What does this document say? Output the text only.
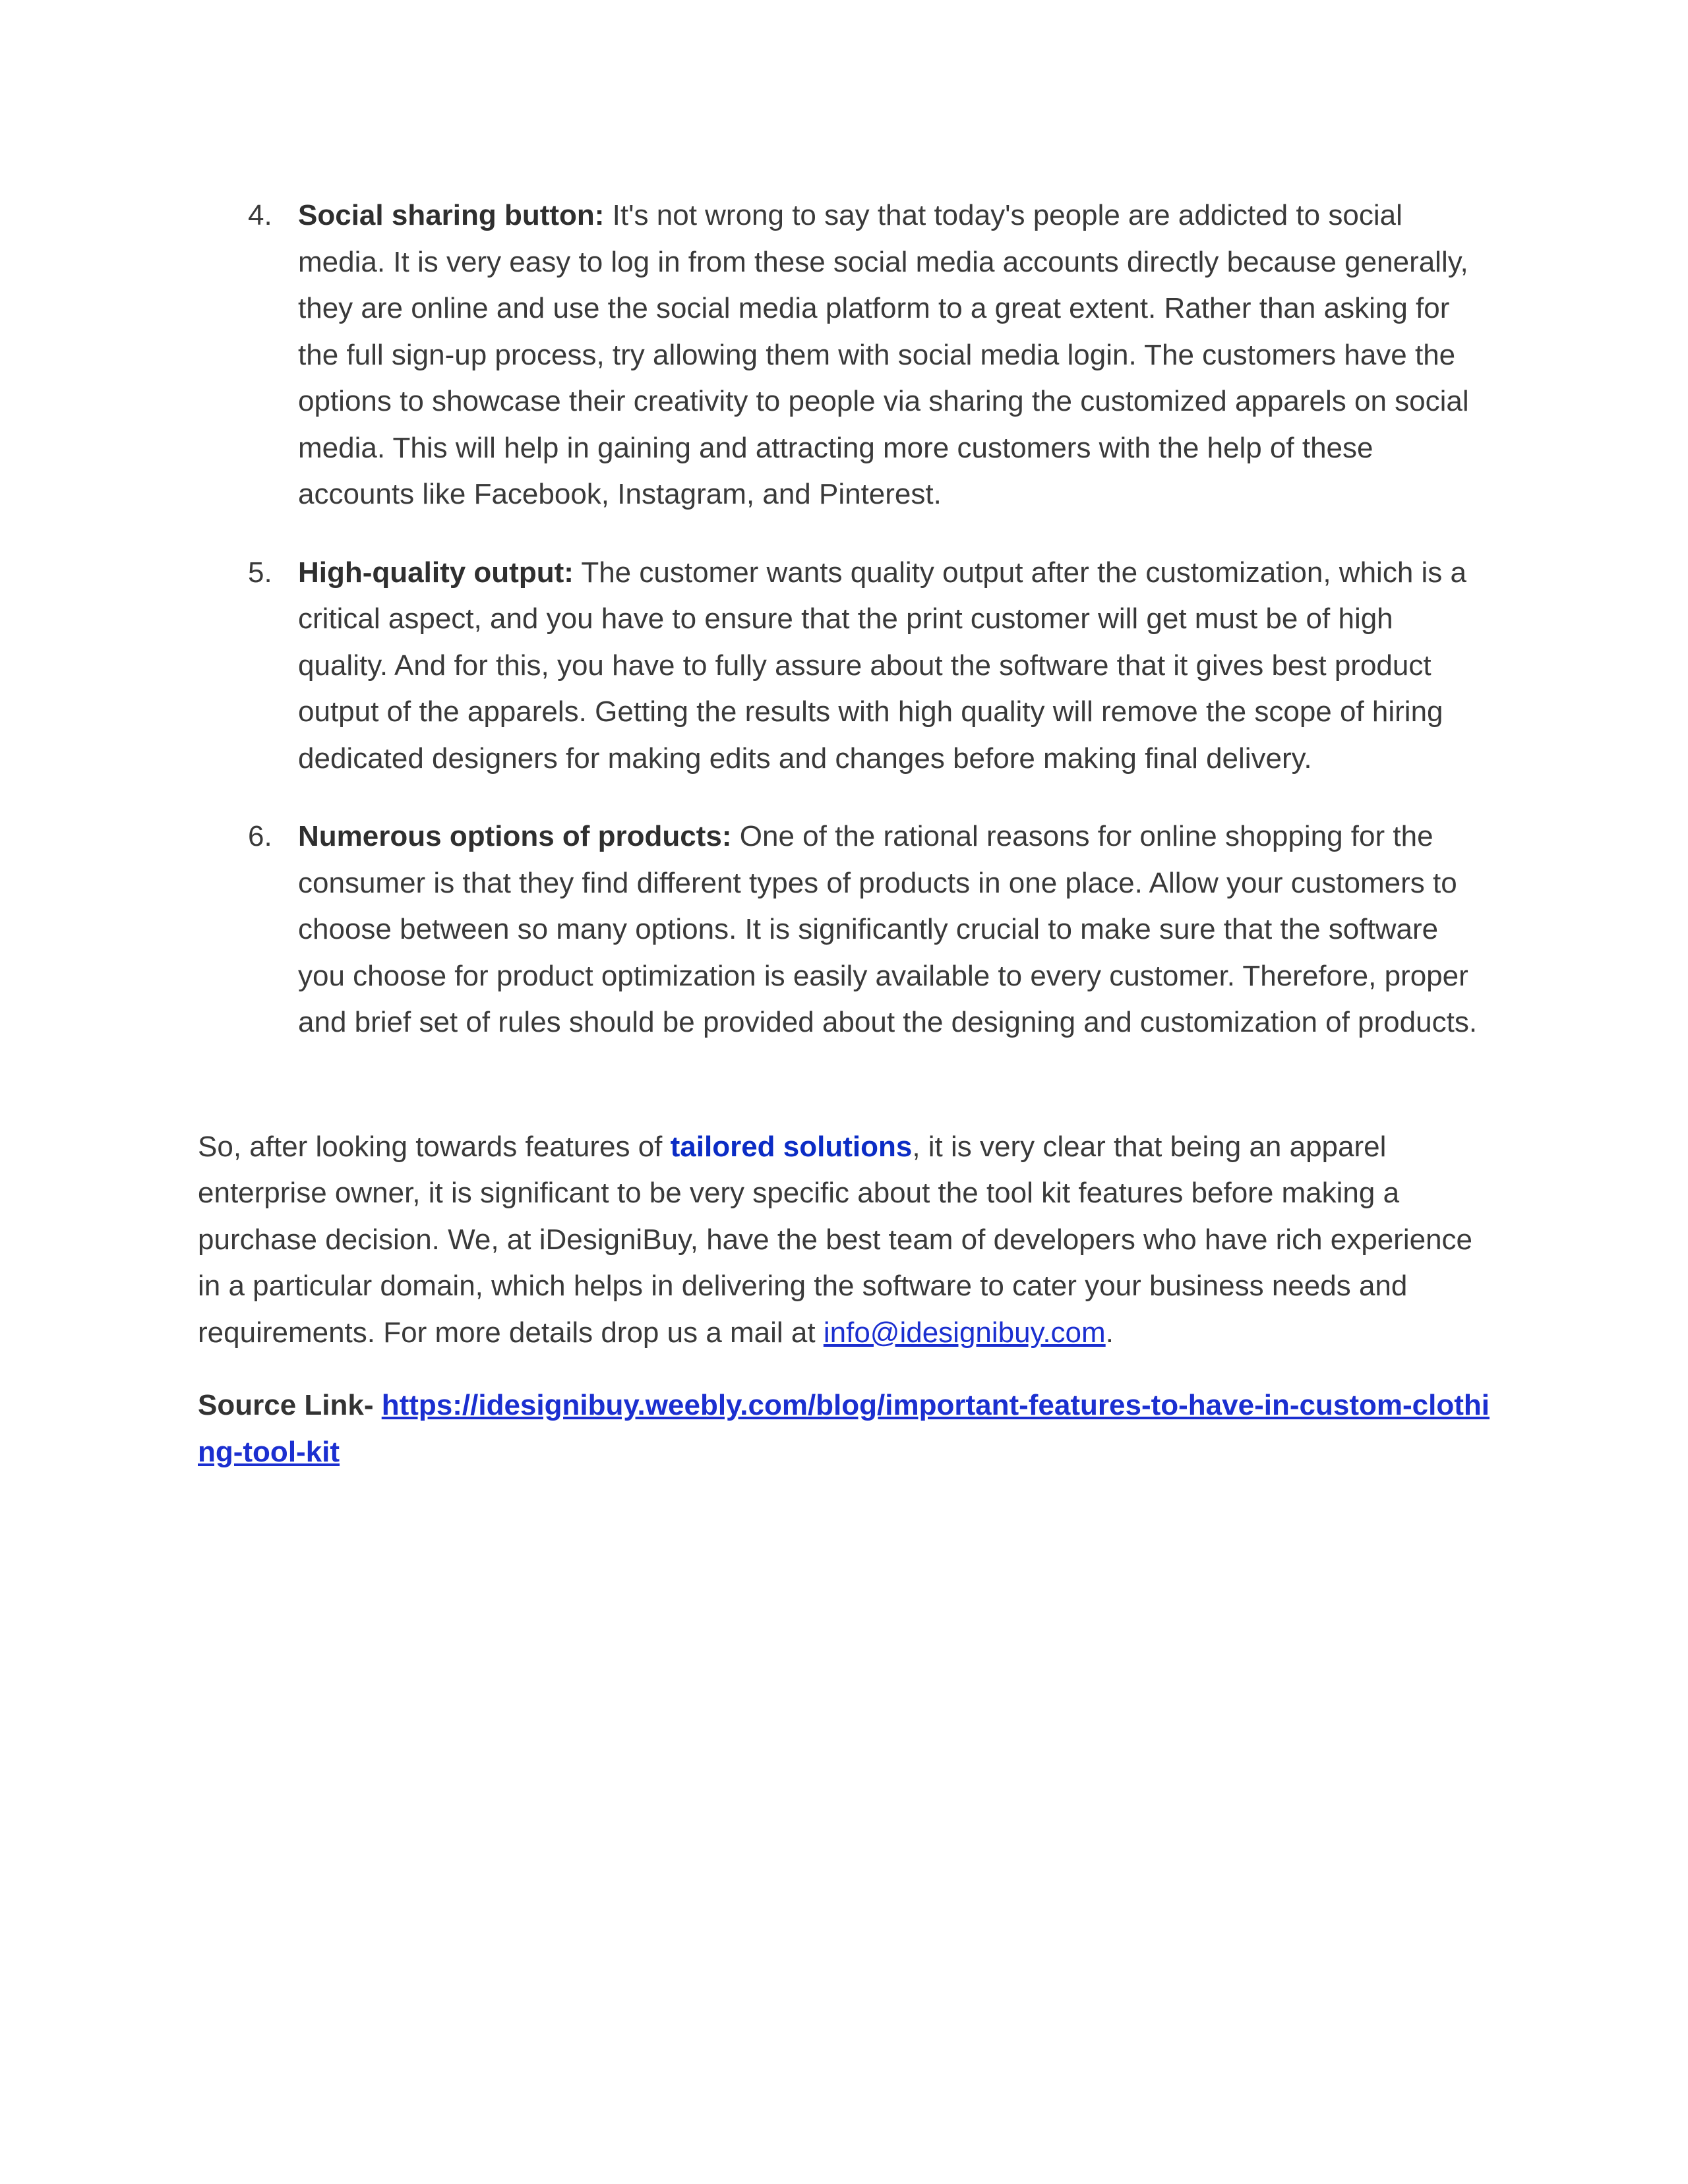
4. Social sharing button: It's not wrong to say that today's people are addicted to social media. It is very easy to log in from these social media accounts directly because generally, they are online and use the social media platform to a great extent. Rather than asking for the full sign-up process, try allowing them with social media login. The customers have the options to showcase their creativity to people via sharing the customized apparels on social media. This will help in gaining and attracting more customers with the help of these accounts like Facebook, Instagram, and Pinterest.
5. High-quality output: The customer wants quality output after the customization, which is a critical aspect, and you have to ensure that the print customer will get must be of high quality. And for this, you have to fully assure about the software that it gives best product output of the apparels. Getting the results with high quality will remove the scope of hiring dedicated designers for making edits and changes before making final delivery.
6. Numerous options of products: One of the rational reasons for online shopping for the consumer is that they find different types of products in one place. Allow your customers to choose between so many options. It is significantly crucial to make sure that the software you choose for product optimization is easily available to every customer. Therefore, proper and brief set of rules should be provided about the designing and customization of products.

So, after looking towards features of tailored solutions, it is very clear that being an apparel enterprise owner, it is significant to be very specific about the tool kit features before making a purchase decision. We, at iDesigniBuy, have the best team of developers who have rich experience in a particular domain, which helps in delivering the software to cater your business needs and requirements. For more details drop us a mail at info@idesignibuy.com.

Source Link- https://idesignibuy.weebly.com/blog/important-features-to-have-in-custom-clothing-tool-kit
